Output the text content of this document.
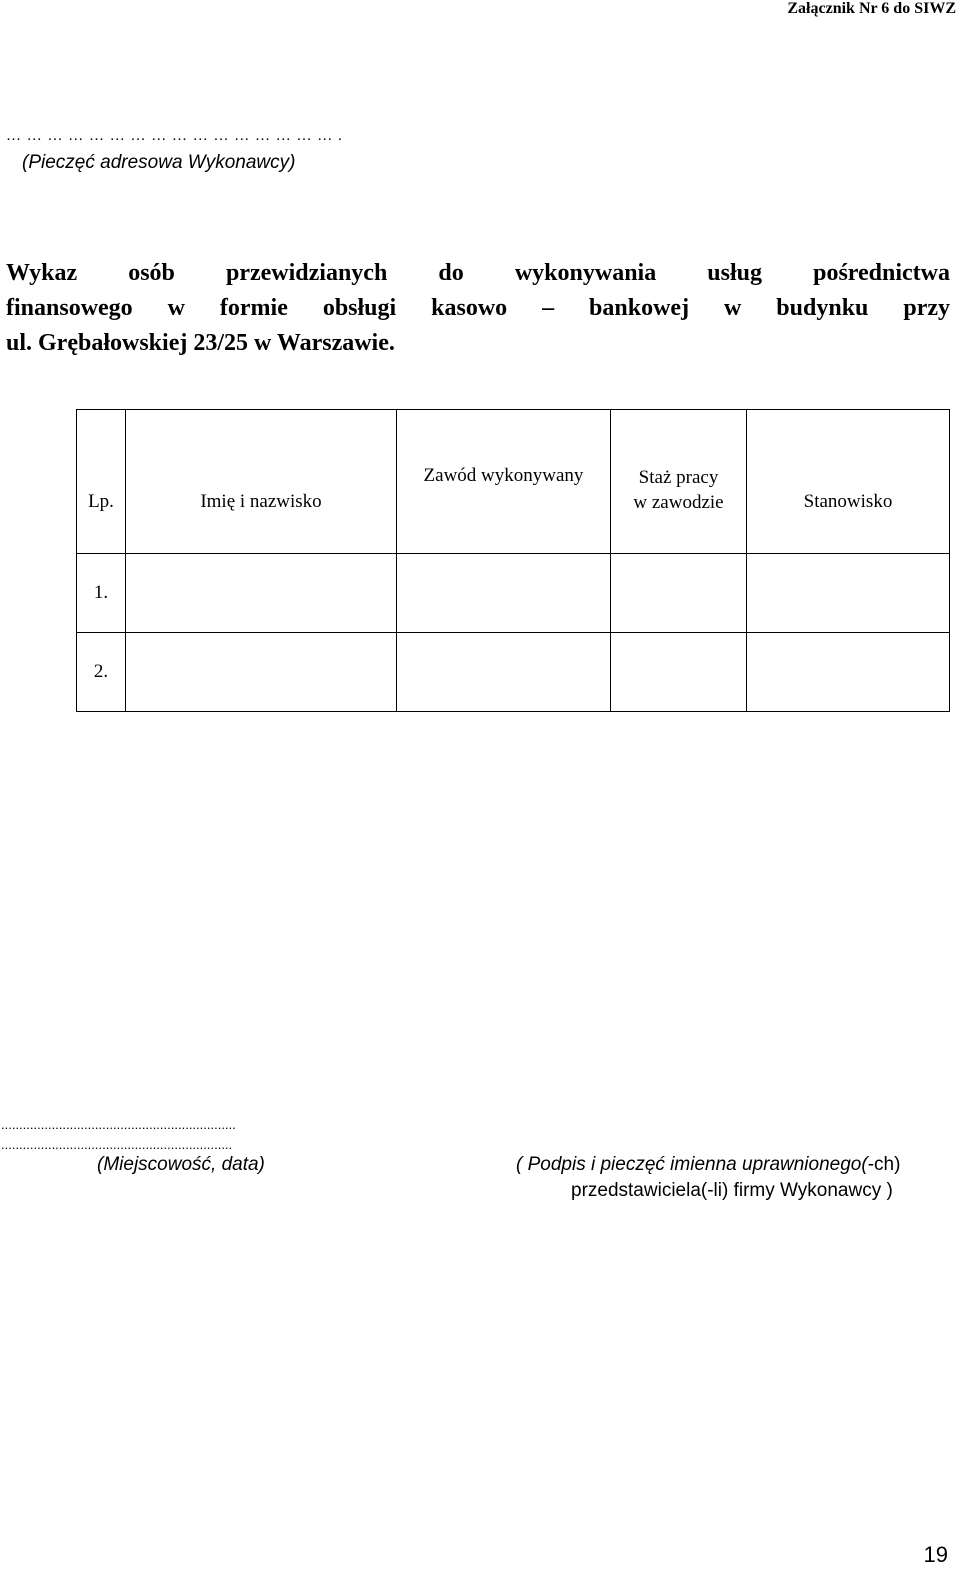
Załącznik Nr 6 do SIWZ
… … … … … … … … … … … … … … … … .
(Pieczęć adresowa Wykonawcy)
Wykaz osób przewidzianych do wykonywania usług pośrednictwa
finansowego w formie obsługi kasowo – bankowej w budynku przy
ul. Grębałowskiej 23/25 w Warszawie.
Lp.	Imię i nazwisko	Zawód wykonywany	Staż pracy
w zawodzie	Stanowisko

1.				
2.				
.................................................................
................................................................
(Miejscowość, data)	( Podpis i pieczęć imienna uprawnionego(-ch)
przedstawiciela(-li) firmy Wykonawcy )
19
